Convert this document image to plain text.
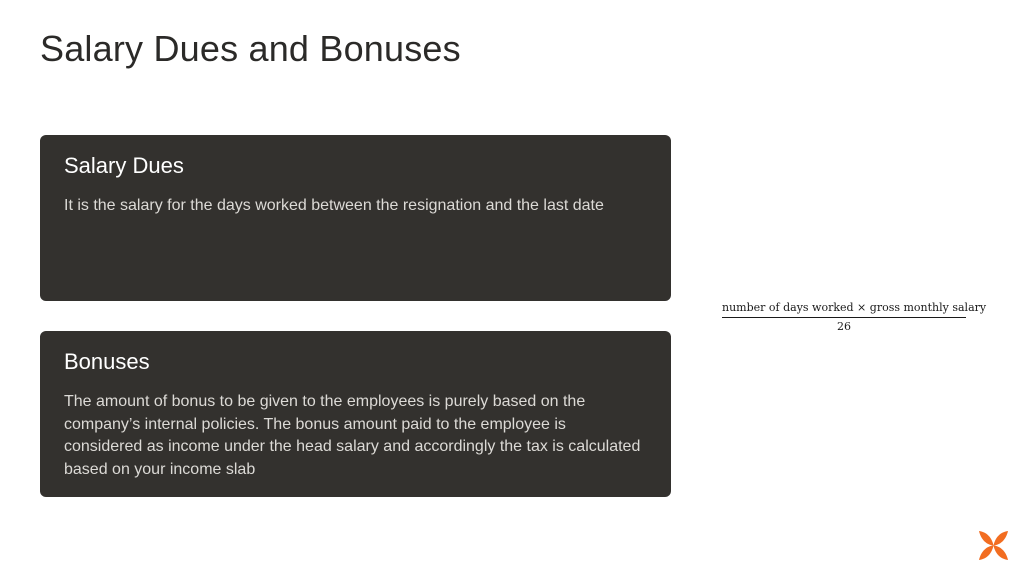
Salary Dues and Bonuses
Salary Dues

It is the salary for the days worked between the resignation and the last date

Bonuses

The amount of bonus to be given to the employees is purely based on the company’s internal policies. The bonus amount paid to the employee is considered as income under the head salary and accordingly the tax is calculated based on your income slab

number of days worked × gross monthly salary
26
